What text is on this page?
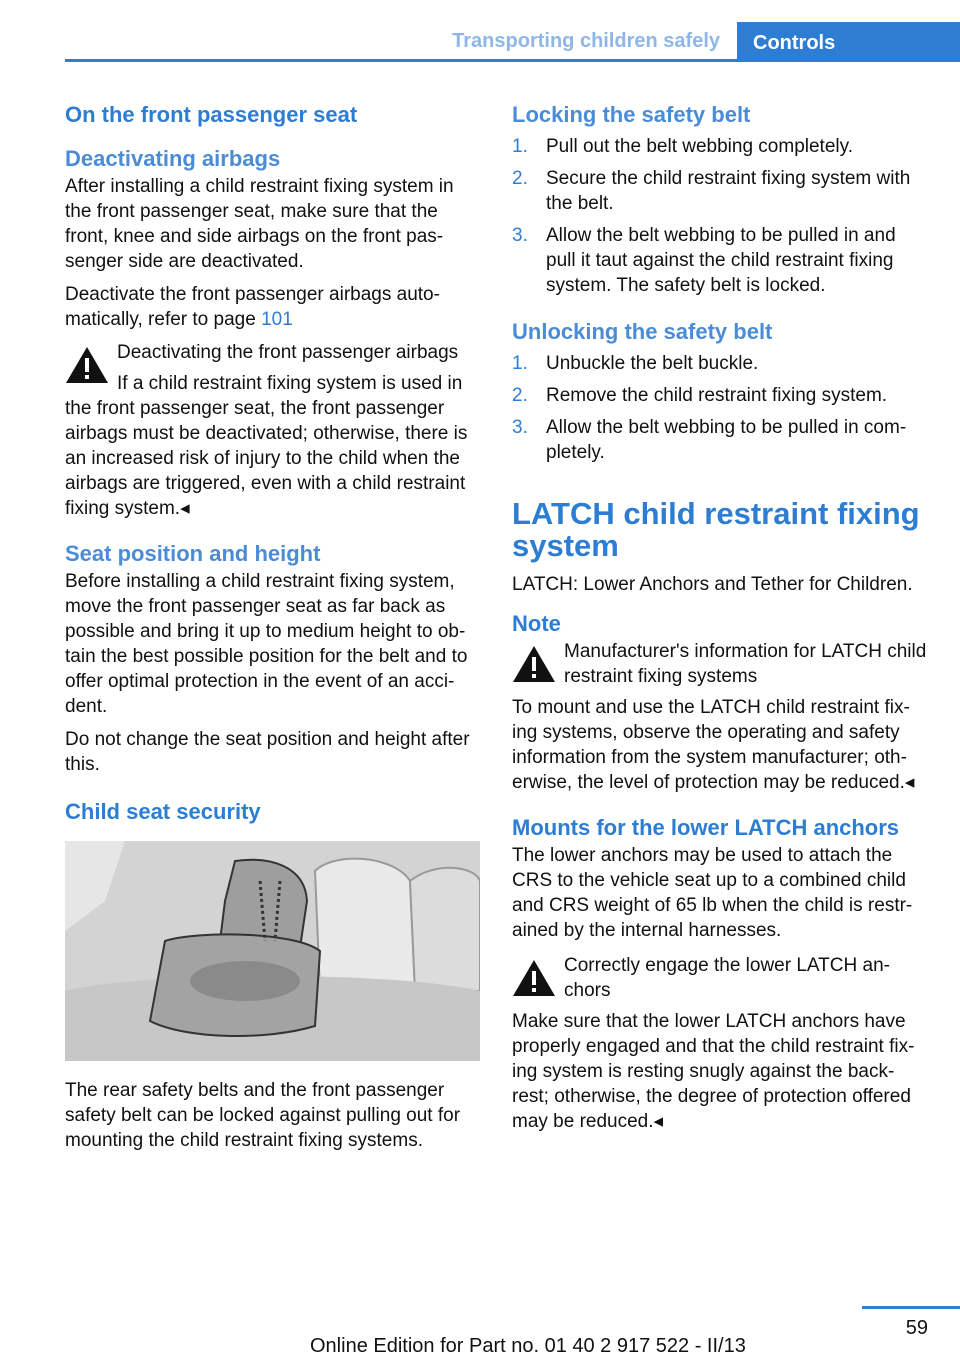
Transporting children safely	Controls
On the front passenger seat
Deactivating airbags

After installing a child restraint fixing system in the front passenger seat, make sure that the front, knee and side airbags on the front pas-senger side are deactivated.

Deactivate the front passenger airbags auto-matically, refer to page 101

Deactivating the front passenger airbags

If a child restraint fixing system is used in the front passenger seat, the front passenger airbags must be deactivated; otherwise, there is an increased risk of injury to the child when the airbags are triggered, even with a child restraint fixing system.◂

Seat position and height

Before installing a child restraint fixing system, move the front passenger seat as far back as possible and bring it up to medium height to ob-tain the best possible position for the belt and to offer optimal protection in the event of an acci-dent.

Do not change the seat position and height after this.

Child seat security

The rear safety belts and the front passenger safety belt can be locked against pulling out for mounting the child restraint fixing systems.

Locking the safety belt
1. Pull out the belt webbing completely.
2. Secure the child restraint fixing system with the belt.
3. Allow the belt webbing to be pulled in and pull it taut against the child restraint fixing system. The safety belt is locked.
Unlocking the safety belt
1. Unbuckle the belt buckle.
2. Remove the child restraint fixing system.
3. Allow the belt webbing to be pulled in com-pletely.
LATCH child restraint fixing system

LATCH: Lower Anchors and Tether for Children.

Note
Manufacturer's information for LATCH child restraint fixing systems

To mount and use the LATCH child restraint fix-ing systems, observe the operating and safety information from the system manufacturer; oth-erwise, the level of protection may be reduced.◂

Mounts for the lower LATCH anchors

The lower anchors may be used to attach the CRS to the vehicle seat up to a combined child and CRS weight of 65 lb when the child is restr-ained by the internal harnesses.

Correctly engage the lower LATCH an-chors

Make sure that the lower LATCH anchors have properly engaged and that the child restraint fix-ing system is resting snugly against the back-rest; otherwise, the degree of protection offered may be reduced.◂

59
Online Edition for Part no. 01 40 2 917 522 - II/13
